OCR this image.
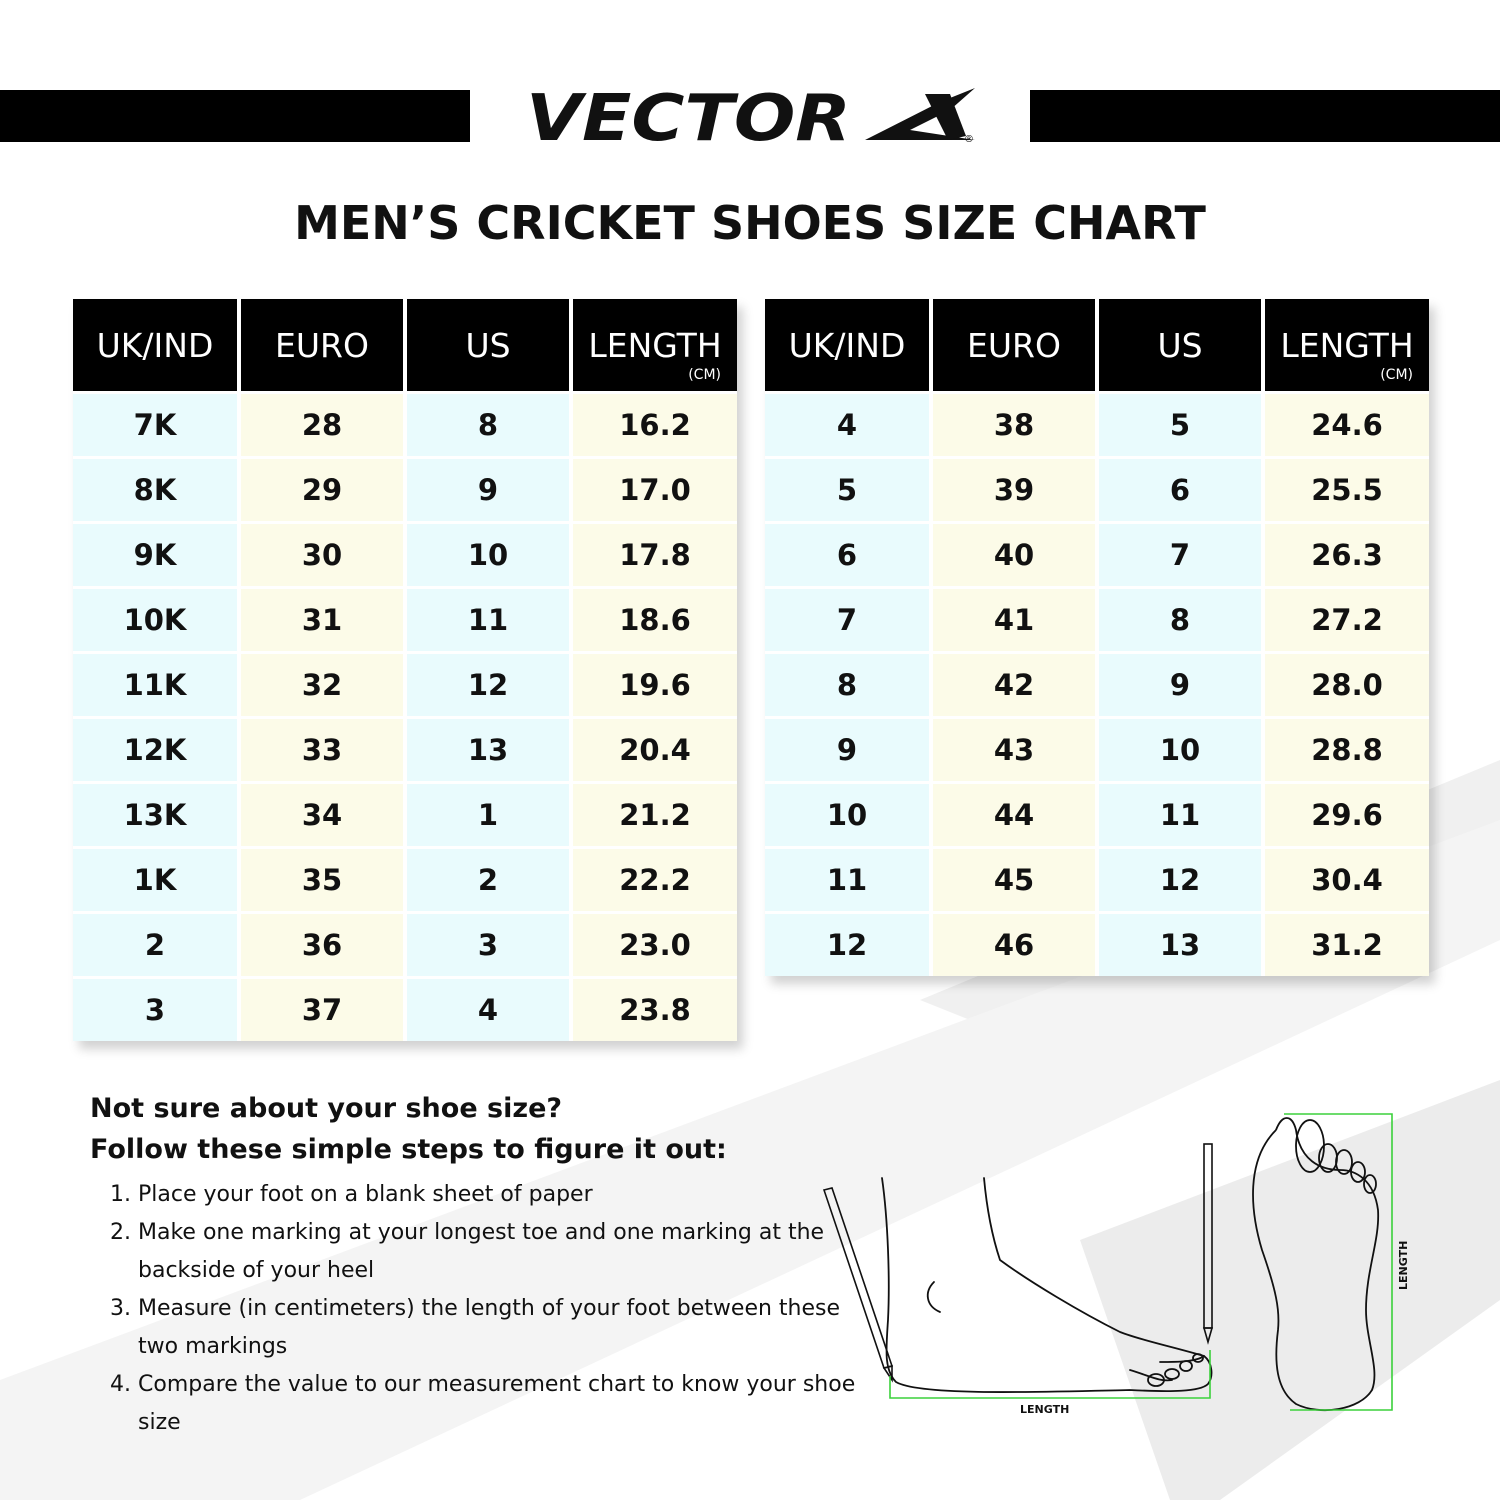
VECTOR	®
MEN’S CRICKET SHOES SIZE CHART
UK/IND	EURO	US	LENGTH
(CM)

7K	28	8	16.2
8K	29	9	17.0
9K	30	10	17.8
10K	31	11	18.6
11K	32	12	19.6
12K	33	13	20.4
13K	34	1	21.2
1K	35	2	22.2
2	36	3	23.0
3	37	4	23.8
UK/IND	EURO	US	LENGTH
(CM)

4	38	5	24.6
5	39	6	25.5
6	40	7	26.3
7	41	8	27.2
8	42	9	28.0
9	43	10	28.8
10	44	11	29.6
11	45	12	30.4
12	46	13	31.2

Not sure about your shoe size?

Follow these simple steps to figure it out:

1. Place your foot on a blank sheet of paper
2. Make one marking at your longest toe and one marking at the backside of your heel
3. Measure (in centimeters) the length of your foot between these two markings
4. Compare the value to our measurement chart to know your shoe size
LENGTH
LENGTH
